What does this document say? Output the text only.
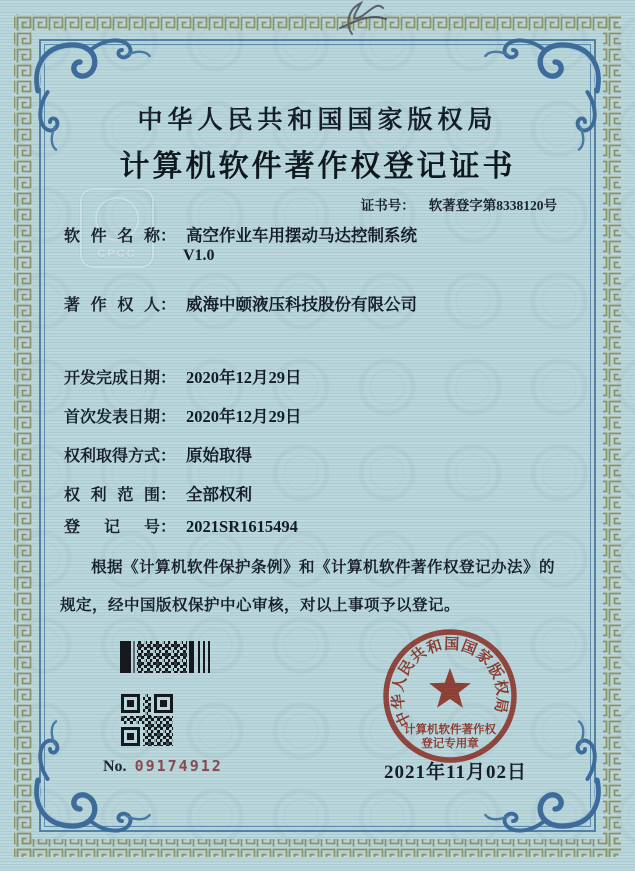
中华人民共和国国家版权局
计算机软件著作权登记证书
证书号： 软著登字第8338120号
CPCC
软件名称： 高空作业车用摆动马达控制系统
V1.0
著作权人： 威海中颐液压科技股份有限公司
开发完成日期： 2020年12月29日
首次发表日期： 2020年12月29日
权利取得方式： 原始取得
权利范围： 全部权利
登记号： 2021SR1615494
根据《计算机软件保护条例》和《计算机软件著作权登记办法》的
规定，经中国版权保护中心审核，对以上事项予以登记。
No. 09174912	2021年11月02日
中华人民共和国国家版权局
计算机软件著作权
登记专用章
